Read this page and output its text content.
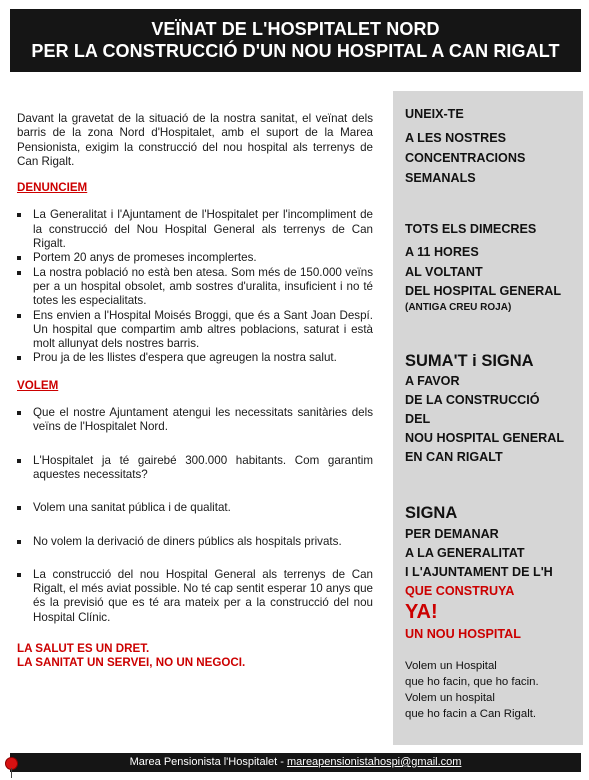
VEÏNAT DE L'HOSPITALET NORD
PER LA CONSTRUCCIÓ D'UN NOU HOSPITAL A CAN RIGALT

Davant la gravetat de la situació de la nostra sanitat, el veïnat dels barris de la zona Nord d'Hospitalet, amb el suport de la Marea Pensionista, exigim la construcció del nou hospital als terrenys de Can Rigalt.

DENUNCIEM

La Generalitat i l'Ajuntament de l'Hospitalet per l'incompliment de la construcció del Nou Hospital General als terrenys de Can Rigalt.
Portem 20 anys de promeses incomplertes.
La nostra població no està ben atesa. Som més de 150.000 veïns per a un hospital obsolet, amb sostres d'uralita, insuficient i no té totes les especialitats.
Ens envien a l'Hospital Moisés Broggi, que és a Sant Joan Despí. Un hospital que compartim amb altres poblacions, saturat i està molt allunyat dels nostres barris.
Prou ja de les llistes d'espera que agreugen la nostra salut.

VOLEM

Que el nostre Ajuntament atengui les necessitats sanitàries dels veïns de l'Hospitalet Nord.
L'Hospitalet ja té gairebé 300.000 habitants. Com garantim aquestes necessitats?
Volem una sanitat pública i de qualitat.
No volem la derivació de diners públics als hospitals privats.
La construcció del nou Hospital General als terrenys de Can Rigalt, el més aviat possible. No té cap sentit esperar 10 anys que és la previsió que es té ara mateix per a la construcció del nou Hospital Clínic.

LA SALUT ES UN DRET.

LA SANITAT UN SERVEI, NO UN NEGOCI.

UNEIX-TE
A LES NOSTRES
CONCENTRACIONS
SEMANALS
TOTS ELS DIMECRES
A 11 HORES
AL VOLTANT
DEL HOSPITAL GENERAL
(ANTIGA CREU ROJA)
SUMA'T i SIGNA
A FAVOR
DE LA CONSTRUCCIÓ
DEL
NOU HOSPITAL GENERAL
EN CAN RIGALT
SIGNA
PER DEMANAR
A LA GENERALITAT
I L'AJUNTAMENT DE L'H
QUE CONSTRUYA
YA!
UN NOU HOSPITAL
Volem un Hospital
que ho facin, que ho facin.
Volem un hospital
que ho facin a Can Rigalt.
Marea Pensionista l'Hospitalet - mareapensionistahospi@gmail.com
